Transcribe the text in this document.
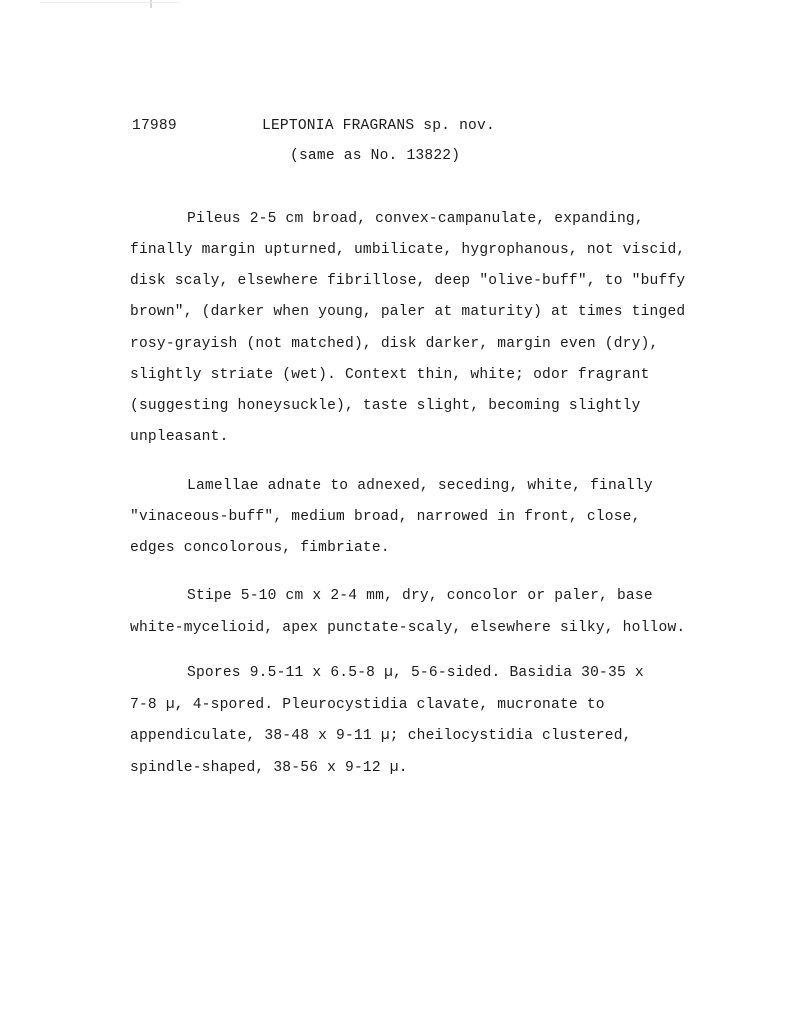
17989	LEPTONIA FRAGRANS sp. nov.
(same as No. 13822)
Pileus 2-5 cm broad, convex-campanulate, expanding,
finally margin upturned, umbilicate, hygrophanous, not viscid,
disk scaly, elsewhere fibrillose, deep "olive-buff", to "buffy
brown", (darker when young, paler at maturity) at times tinged
rosy-grayish (not matched), disk darker, margin even (dry),
slightly striate (wet). Context thin, white; odor fragrant
(suggesting honeysuckle), taste slight, becoming slightly
unpleasant.
Lamellae adnate to adnexed, seceding, white, finally
"vinaceous-buff", medium broad, narrowed in front, close,
edges concolorous, fimbriate.
Stipe 5-10 cm x 2-4 mm, dry, concolor or paler, base
white-mycelioid, apex punctate-scaly, elsewhere silky, hollow.
Spores 9.5-11 x 6.5-8 µ, 5-6-sided. Basidia 30-35 x
7-8 µ, 4-spored. Pleurocystidia clavate, mucronate to
appendiculate, 38-48 x 9-11 µ; cheilocystidia clustered,
spindle-shaped, 38-56 x 9-12 µ.
